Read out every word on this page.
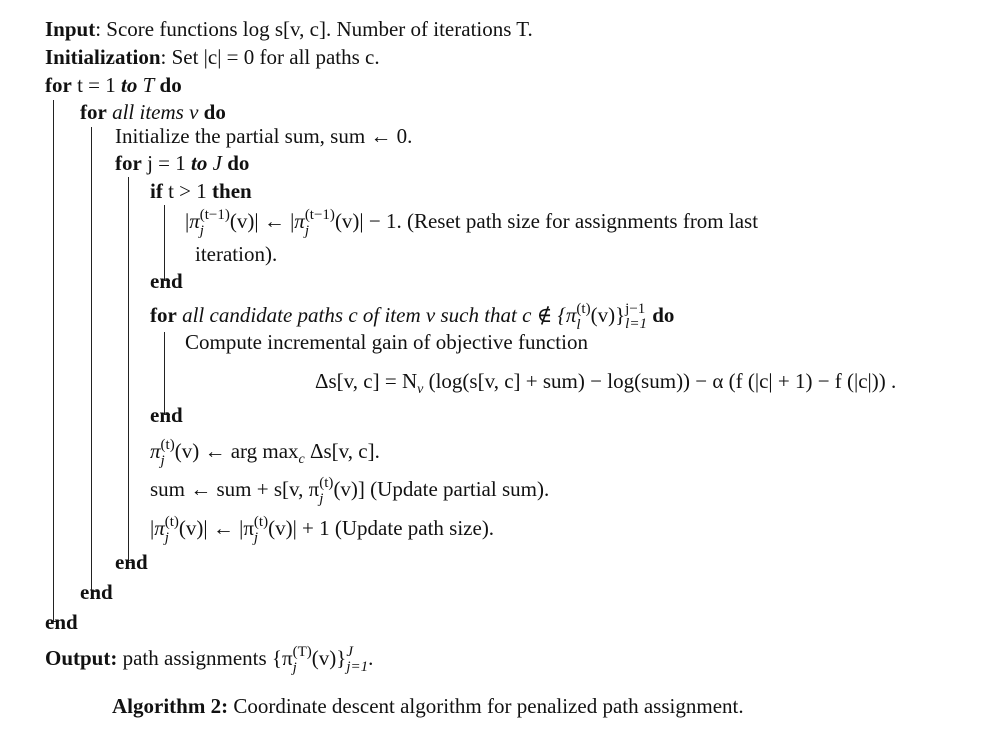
Input: Score functions log s[v, c]. Number of iterations T.
Initialization: Set |c| = 0 for all paths c.
for t = 1 to T do
for all items v do
Initialize the partial sum, sum ← 0.
for j = 1 to J do
if t > 1 then
|π (t−1)
j	(v)| ← |π (t−1)
j	(v)| − 1. (Reset path size for assignments from last
iteration).
end
for all candidate paths c of item v such that c ∉ {π (t)
l (v)} j−1
l=1 do
Compute incremental gain of objective function
Δs[v, $c] = N_v$ (log(s[v, c] + sum) − log(sum)) − α (f (|c| + 1) − f (|c|)) .
end
π (t)
j (v) ← arg $\max_c \Delta s[v$, c].
sum ← sum + s[v, π (t)
j (v)] (Update partial sum).
|π (t)
j (v)| ← |π (t)
j (v)| + 1 (Update path size).
end
end
end
Output: path assignments {π (T)
j (v)} J
j=1 .
Algorithm 2: Coordinate descent algorithm for penalized path assignment.
